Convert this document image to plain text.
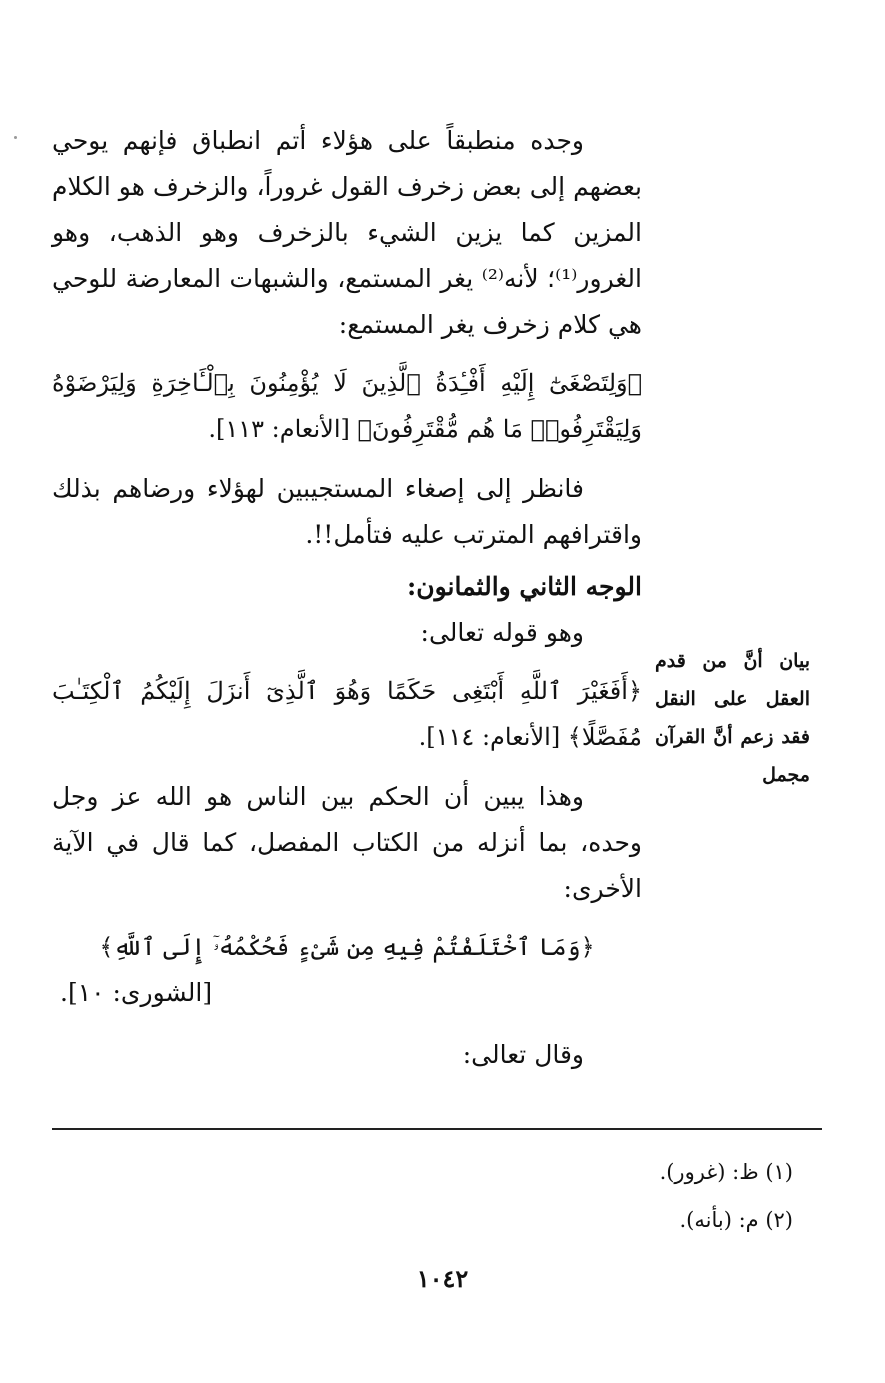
وجده منطبقاً على هؤلاء أتم انطباق فإنهم يوحي بعضهم إلى بعض زخرف القول غروراً، والزخرف هو الكلام المزين كما يزين الشيء بالزخرف وهو الذهب، وهو الغرور⁽¹⁾؛ لأنه⁽²⁾ يغر المستمع، والشبهات المعارضة للوحي هي كلام زخرف يغر المستمع:

﴿وَلِتَصْغَىٰٓ إِلَيْهِ أَفْـِٔدَةُ ٱلَّذِينَ لَا يُؤْمِنُونَ بِٱلْـَٔاخِرَةِ وَلِيَرْضَوْهُ وَلِيَقْتَرِفُوا۟ مَا هُم مُّقْتَرِفُونَ﴾ [الأنعام: ١١٣].

فانظر إلى إصغاء المستجيبين لهؤلاء ورضاهم بذلك واقترافهم المترتب عليه فتأمل!!.

الوجه الثاني والثمانون:

وهو قوله تعالى:

﴿أَفَغَيْرَ ٱللَّهِ أَبْتَغِى حَكَمًا وَهُوَ ٱلَّذِىٓ أَنزَلَ إِلَيْكُمُ ٱلْكِتَـٰبَ مُفَصَّلًا﴾ [الأنعام: ١١٤].

وهذا يبين أن الحكم بين الناس هو الله عز وجل وحده، بما أنزله من الكتاب المفصل، كما قال في الآية الأخرى:

﴿وَمَا ٱخْتَلَفْتُمْ فِيهِ مِن شَىْءٍ فَحُكْمُهُۥٓ إِلَى ٱللَّهِ﴾

[الشورى: ١٠].

وقال تعالى:

بيان أنَّ من قدم العقل على النقل فقد زعم أنَّ القرآن مجمل
(١) ظ: (غرور).
(٢) م: (بأنه).
١٠٤٢
